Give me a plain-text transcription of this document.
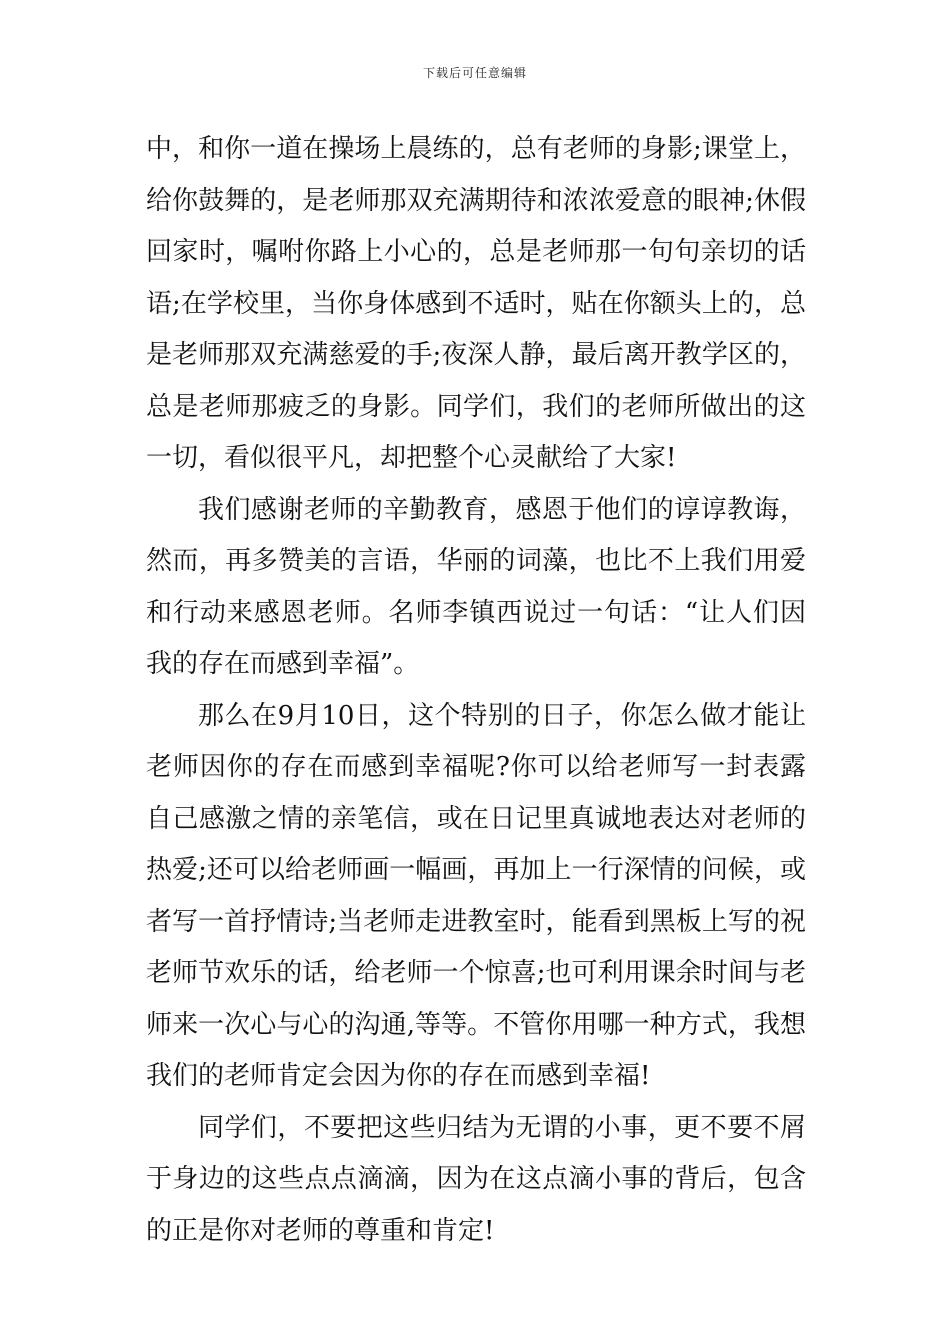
下载后可任意编辑

中，和你一道在操场上晨练的，总有老师的身影;课堂上，给你鼓舞的，是老师那双充满期待和浓浓爱意的眼神;休假回家时，嘱咐你路上小心的，总是老师那一句句亲切的话语;在学校里，当你身体感到不适时，贴在你额头上的，总是老师那双充满慈爱的手;夜深人静，最后离开教学区的，总是老师那疲乏的身影。同学们，我们的老师所做出的这一切，看似很平凡，却把整个心灵献给了大家!

我们感谢老师的辛勤教育，感恩于他们的谆谆教诲，然而，再多赞美的言语，华丽的词藻，也比不上我们用爱和行动来感恩老师。名师李镇西说过一句话：“让人们因我的存在而感到幸福”。

那么在9月10日，这个特别的日子，你怎么做才能让老师因你的存在而感到幸福呢?你可以给老师写一封表露自己感激之情的亲笔信，或在日记里真诚地表达对老师的热爱;还可以给老师画一幅画，再加上一行深情的问候，或者写一首抒情诗;当老师走进教室时，能看到黑板上写的祝老师节欢乐的话，给老师一个惊喜;也可利用课余时间与老师来一次心与心的沟通,等等。不管你用哪一种方式，我想我们的老师肯定会因为你的存在而感到幸福!

同学们，不要把这些归结为无谓的小事，更不要不屑于身边的这些点点滴滴，因为在这点滴小事的背后，包含的正是你对老师的尊重和肯定!
